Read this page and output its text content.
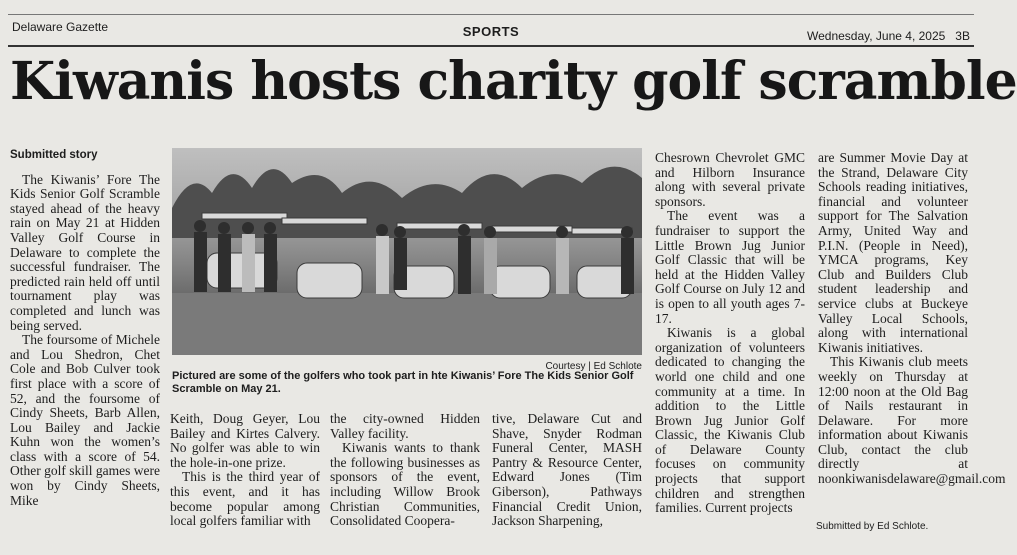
Delaware Gazette	SPORTS	Wednesday, June 4, 2025   3B
Kiwanis hosts charity golf scramble

Submitted story

The Kiwanis’ Fore The Kids Senior Golf Scramble stayed ahead of the heavy rain on May 21 at Hidden Valley Golf Course in Delaware to complete the successful fundraiser. The predicted rain held off until tournament play was completed and lunch was being served.

The foursome of Michele and Lou Shedron, Chet Cole and Bob Culver took first place with a score of 52, and the foursome of Cindy Sheets, Barb Allen, Lou Bailey and Jackie Kuhn won the women’s class with a score of 54. Other golf skill games were won by Cindy Sheets, Mike

Courtesy | Ed Schlote
Pictured are some of the golfers who took part in hte Kiwanis’ Fore The Kids Senior Golf Scramble on May 21.

Keith, Doug Geyer, Lou Bailey and Kirtes Calvery. No golfer was able to win the hole-in-one prize.

This is the third year of this event, and it has become popular among local golfers familiar with

the city-owned Hidden Valley facility.

Kiwanis wants to thank the following businesses as sponsors of the event, including Willow Brook Christian Communities, Consolidated Coopera-

tive, Delaware Cut and Shave, Snyder Rodman Funeral Center, MASH Pantry & Resource Center, Edward Jones (Tim Giberson), Pathways Financial Credit Union, Jackson Sharpening,

Chesrown Chevrolet GMC and Hilborn Insurance along with several private sponsors.

The event was a fundraiser to support the Little Brown Jug Junior Golf Classic that will be held at the Hidden Valley Golf Course on July 12 and is open to all youth ages 7-17.

Kiwanis is a global organization of volunteers dedicated to changing the world one child and one community at a time. In addition to the Little Brown Jug Junior Golf Classic, the Kiwanis Club of Delaware County focuses on community projects that support children and strengthen families. Current projects

are Summer Movie Day at the Strand, Delaware City Schools reading initiatives, financial and volunteer support for The Salvation Army, United Way and P.I.N. (People in Need), YMCA programs, Key Club and Builders Club student leadership and service clubs at Buckeye Valley Local Schools, along with international Kiwanis initiatives.

This Kiwanis club meets weekly on Thursday at 12:00 noon at the Old Bag of Nails restaurant in Delaware. For more information about Kiwanis Club, contact the club directly at noonkiwanisdelaware@gmail.com

Submitted by Ed Schlote.
